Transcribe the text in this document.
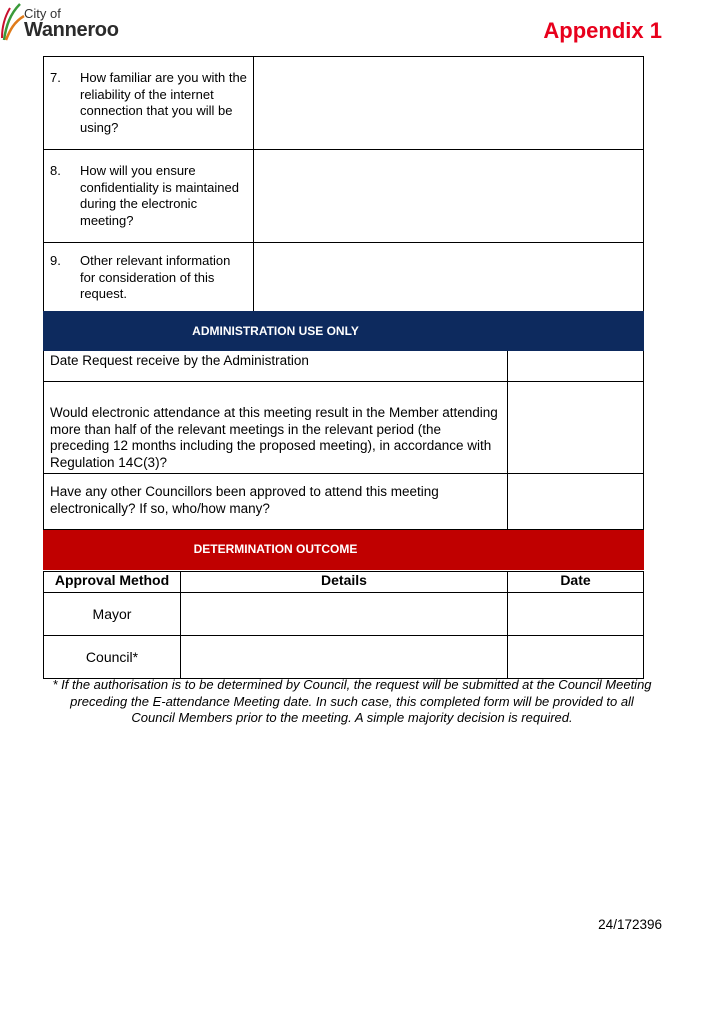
City of
Wanneroo	Appendix 1
7. How familiar are you with the reliability of the internet connection that you will be using?	

8. How will you ensure confidentiality is maintained during the electronic meeting?	

9. Other relevant information for consideration of this request.	

ADMINISTRATION USE ONLY	
Date Request receive by the Administration	
Would electronic attendance at this meeting result in the Member attending more than half of the relevant meetings in the relevant period (the preceding 12 months including the proposed meeting), in accordance with Regulation 14C(3)?	
Have any other Councillors been approved to attend this meeting electronically? If so, who/how many?	
DETERMINATION OUTCOME	
Approval Method	Details	Date
Mayor		
Council*		
* If the authorisation is to be determined by Council, the request will be submitted at the Council Meeting preceding the E-attendance Meeting date. In such case, this completed form will be provided to all Council Members prior to the meeting. A simple majority decision is required.
24/172396
